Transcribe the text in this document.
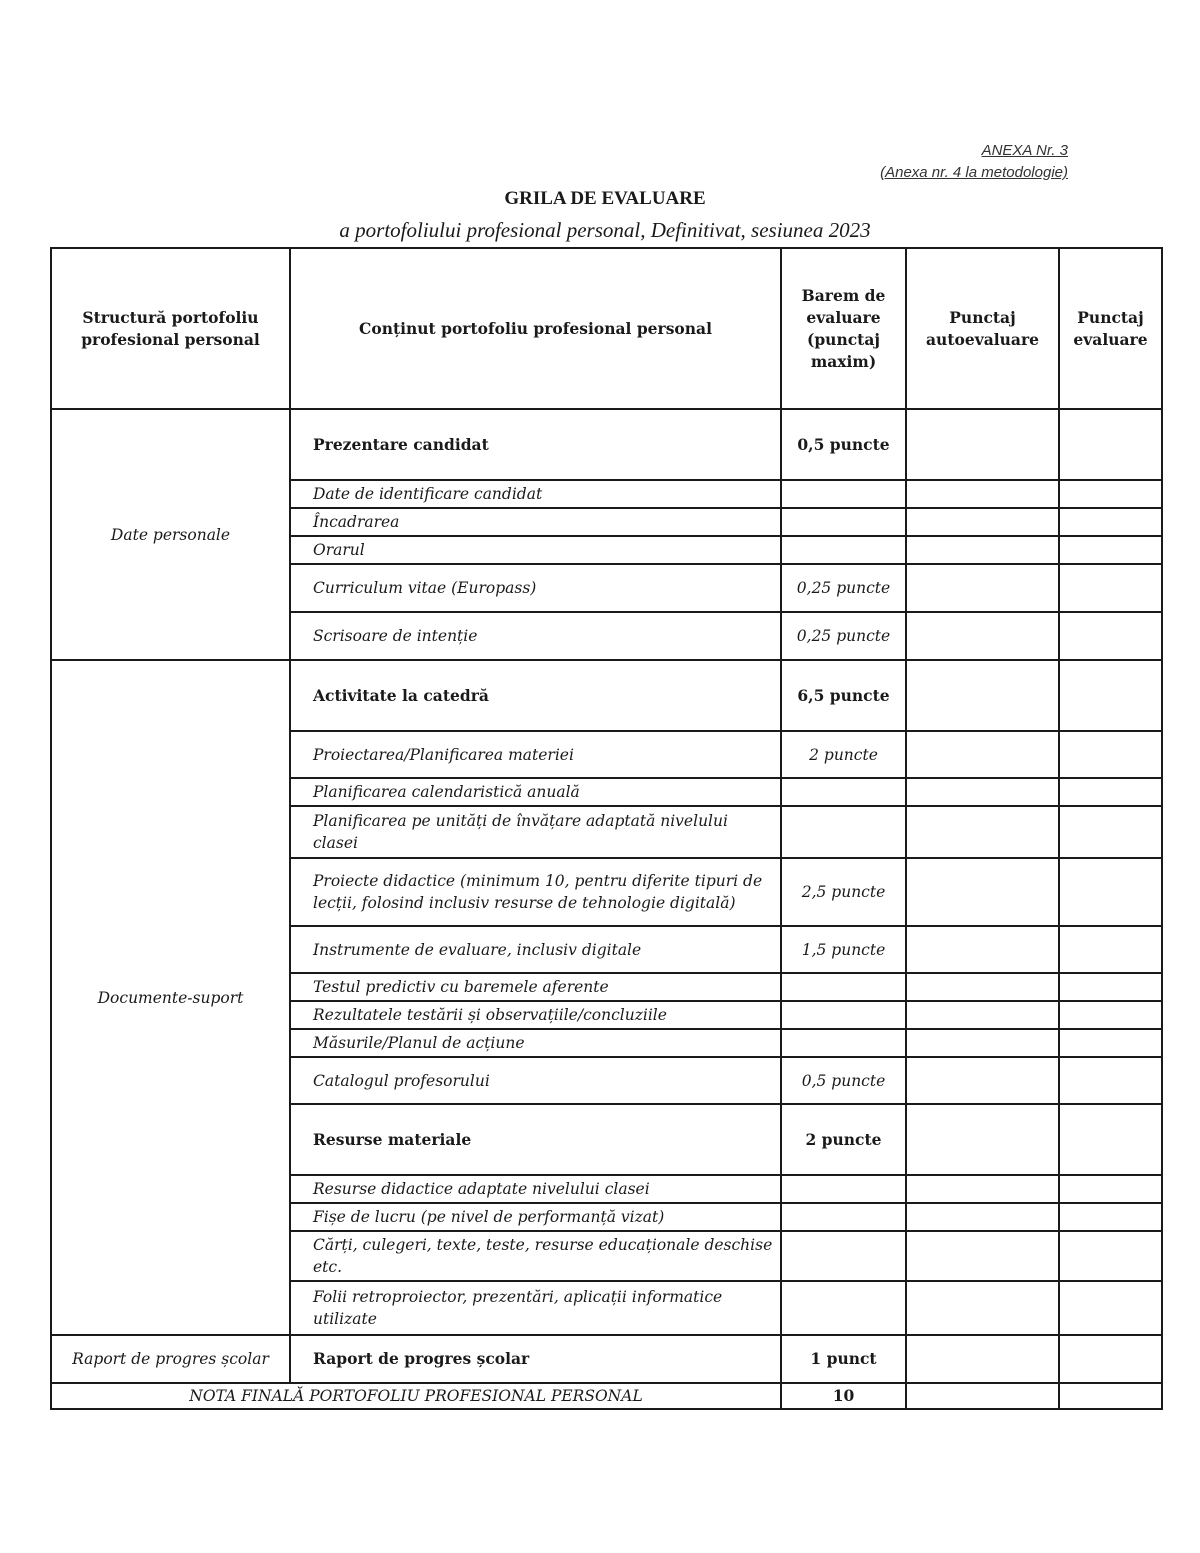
ANEXA Nr. 3
(Anexa nr. 4 la metodologie)
GRILA DE EVALUARE
a portofoliului profesional personal, Definitivat, sesiunea 2023
Structură portofoliu profesional personal	Conținut portofoliu profesional personal	Barem de evaluare (punctaj maxim)	Punctaj autoevaluare	Punctaj evaluare
Date personale	Prezentare candidat	0,5 puncte		
	Date de identificare candidat			
	Încadrarea			
	Orarul			
	Curriculum vitae (Europass)	0,25 puncte		
	Scrisoare de intenție	0,25 puncte		
Documente-suport	Activitate la catedră	6,5 puncte		
	Proiectarea/Planificarea materiei	2 puncte		
	Planificarea calendaristică anuală			
	Planificarea pe unități de învățare adaptată nivelului clasei			
	Proiecte didactice (minimum 10, pentru diferite tipuri de lecții, folosind inclusiv resurse de tehnologie digitală)	2,5 puncte		
	Instrumente de evaluare, inclusiv digitale	1,5 puncte		
	Testul predictiv cu baremele aferente			
	Rezultatele testării și observațiile/concluziile			
	Măsurile/Planul de acțiune			
	Catalogul profesorului	0,5 puncte		
	Resurse materiale	2 puncte		
	Resurse didactice adaptate nivelului clasei			
	Fișe de lucru (pe nivel de performanță vizat)			
	Cărți, culegeri, texte, teste, resurse educaționale deschise etc.			
	Folii retroproiector, prezentări, aplicații informatice utilizate			
Raport de progres școlar	Raport de progres școlar	1 punct		
NOTA FINALĂ PORTOFOLIU PROFESIONAL PERSONAL		10		
